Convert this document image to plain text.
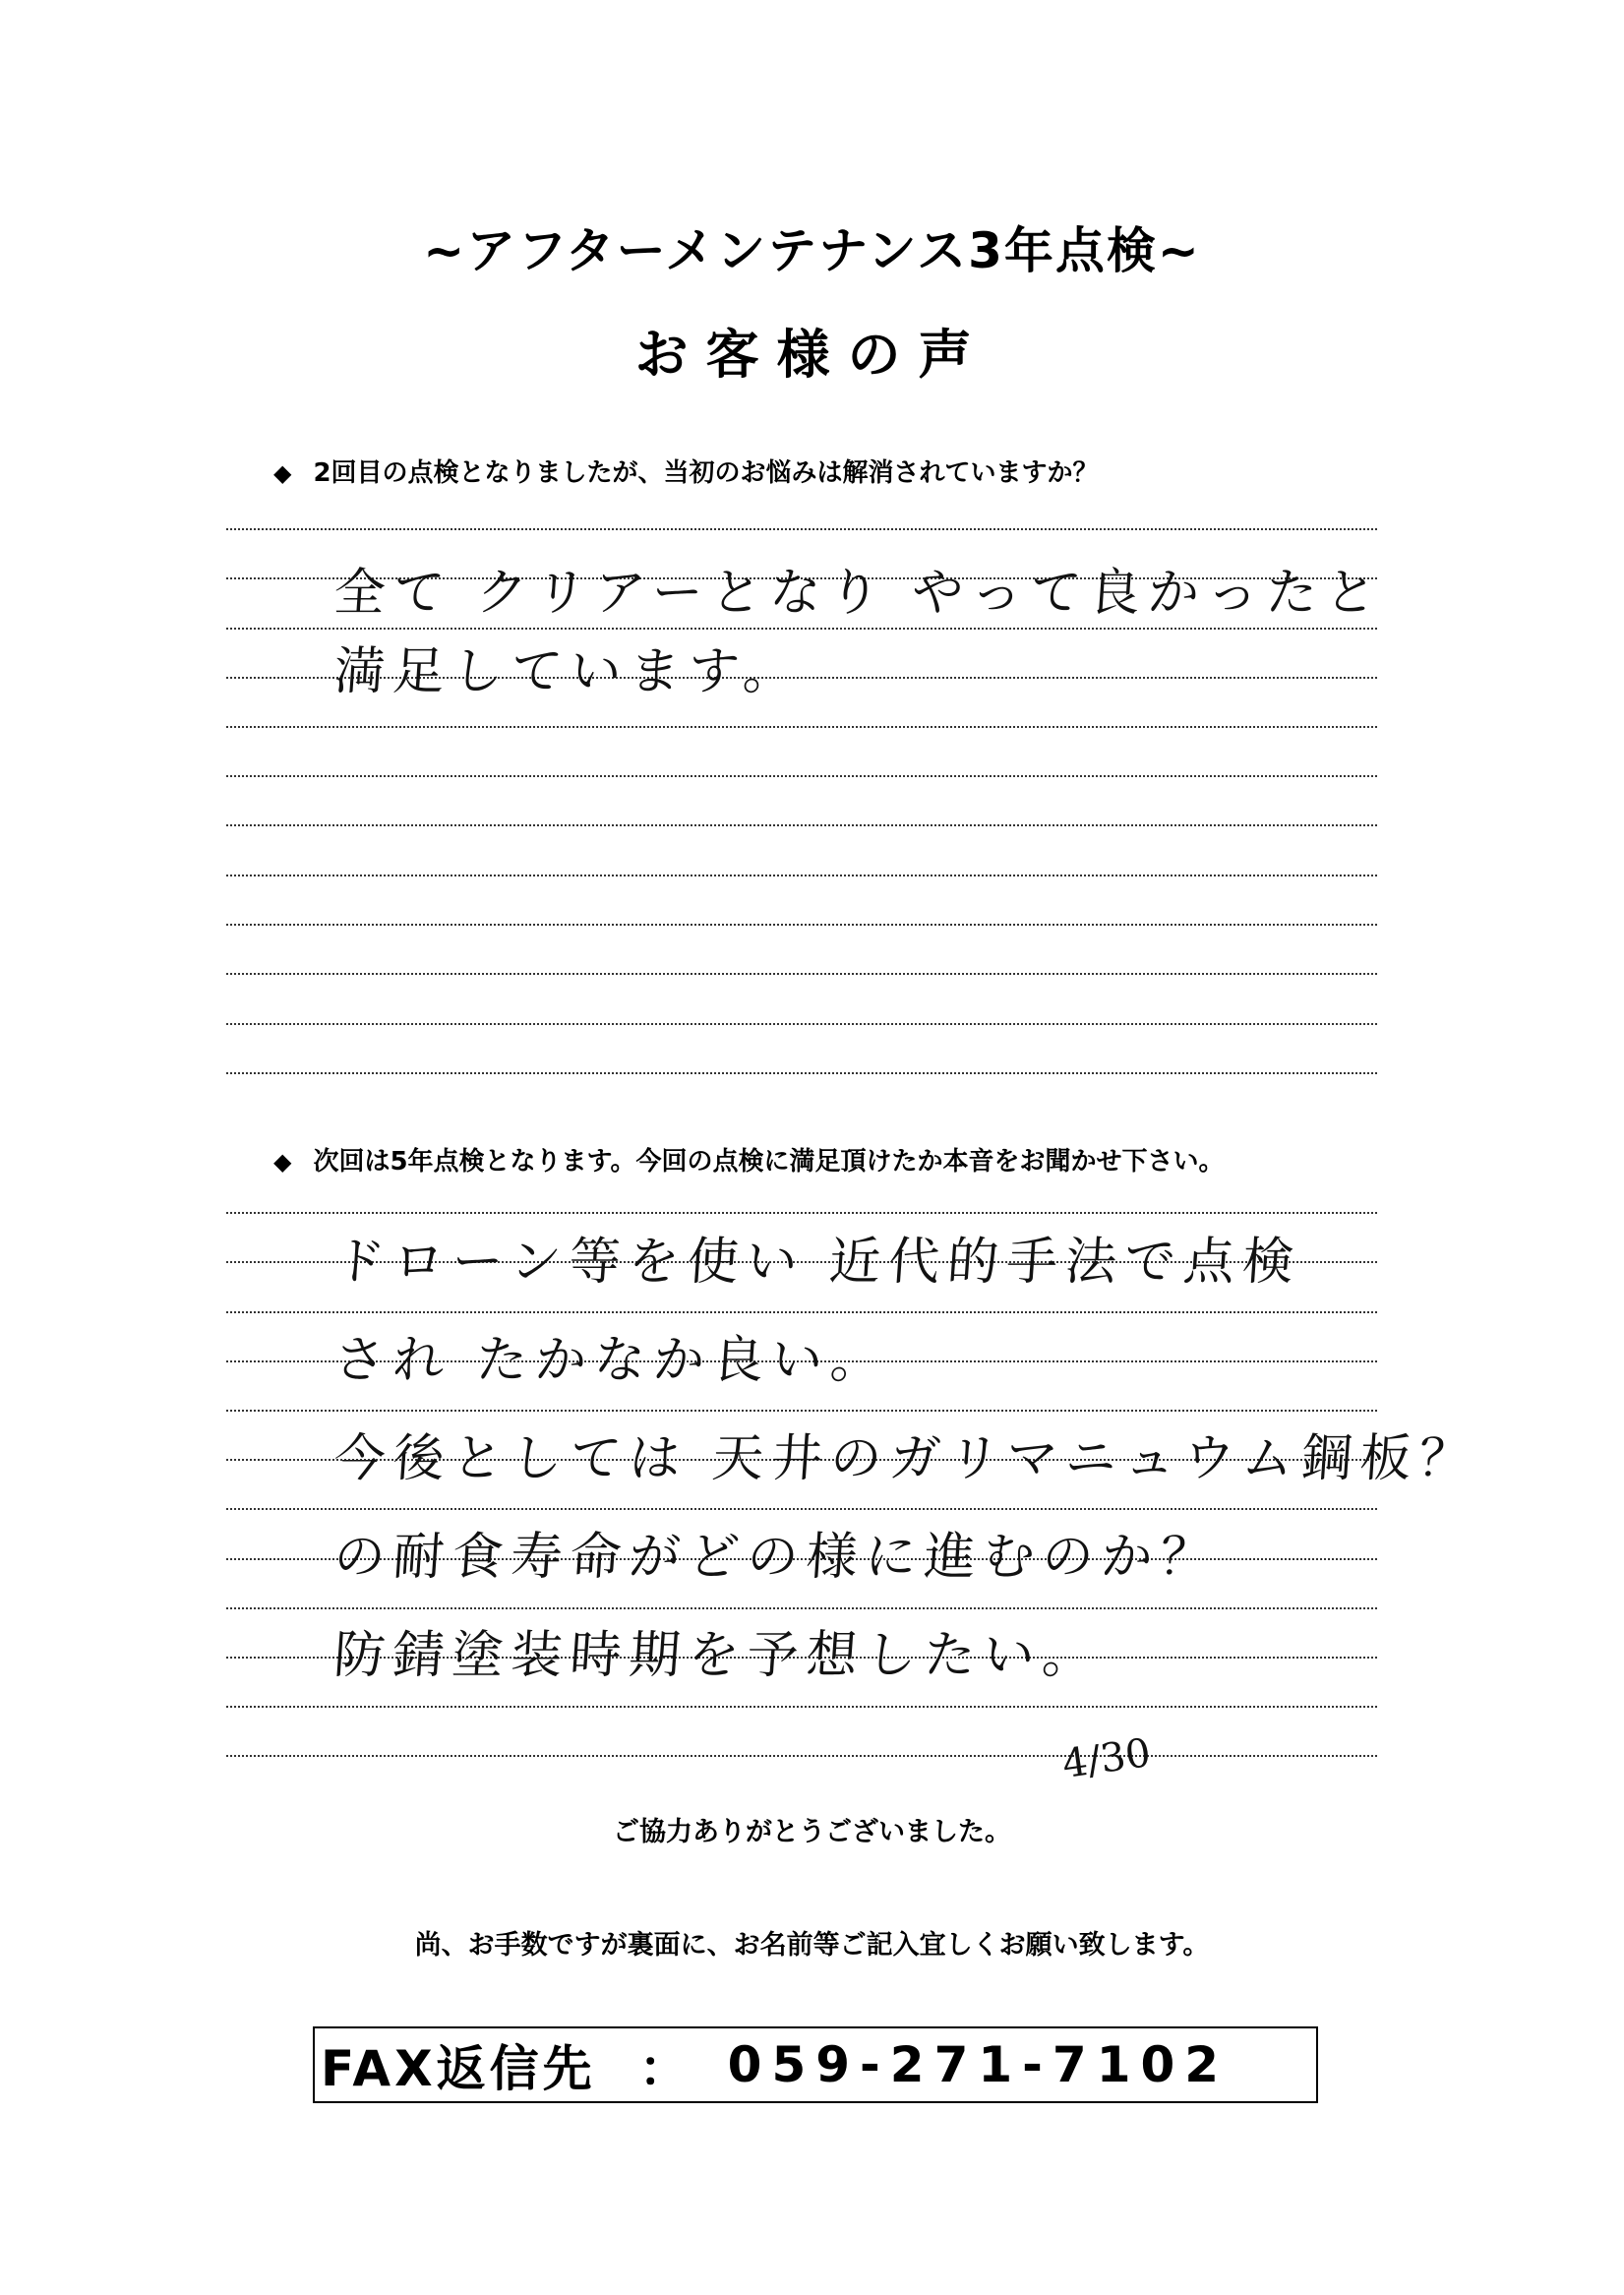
~アフターメンテナンス3年点検~
お客様の声
◆ 2回目の点検となりましたが、当初のお悩みは解消されていますか？
全て クリアーとなり やって良かったと
満足しています。
◆ 次回は5年点検となります。今回の点検に満足頂けたか本音をお聞かせ下さい。
ドローン等を使い 近代的手法で点検
され たかなか良い。
今後としては 天井のガリマニュウム鋼板？
の耐食寿命がどの様に進むのか？
防錆塗装時期を予想したい。
4/30
ご協力ありがとうございました。
尚、お手数ですが裏面に、お名前等ご記入宜しくお願い致します。
FAX返信先 ： 059-271-7102
